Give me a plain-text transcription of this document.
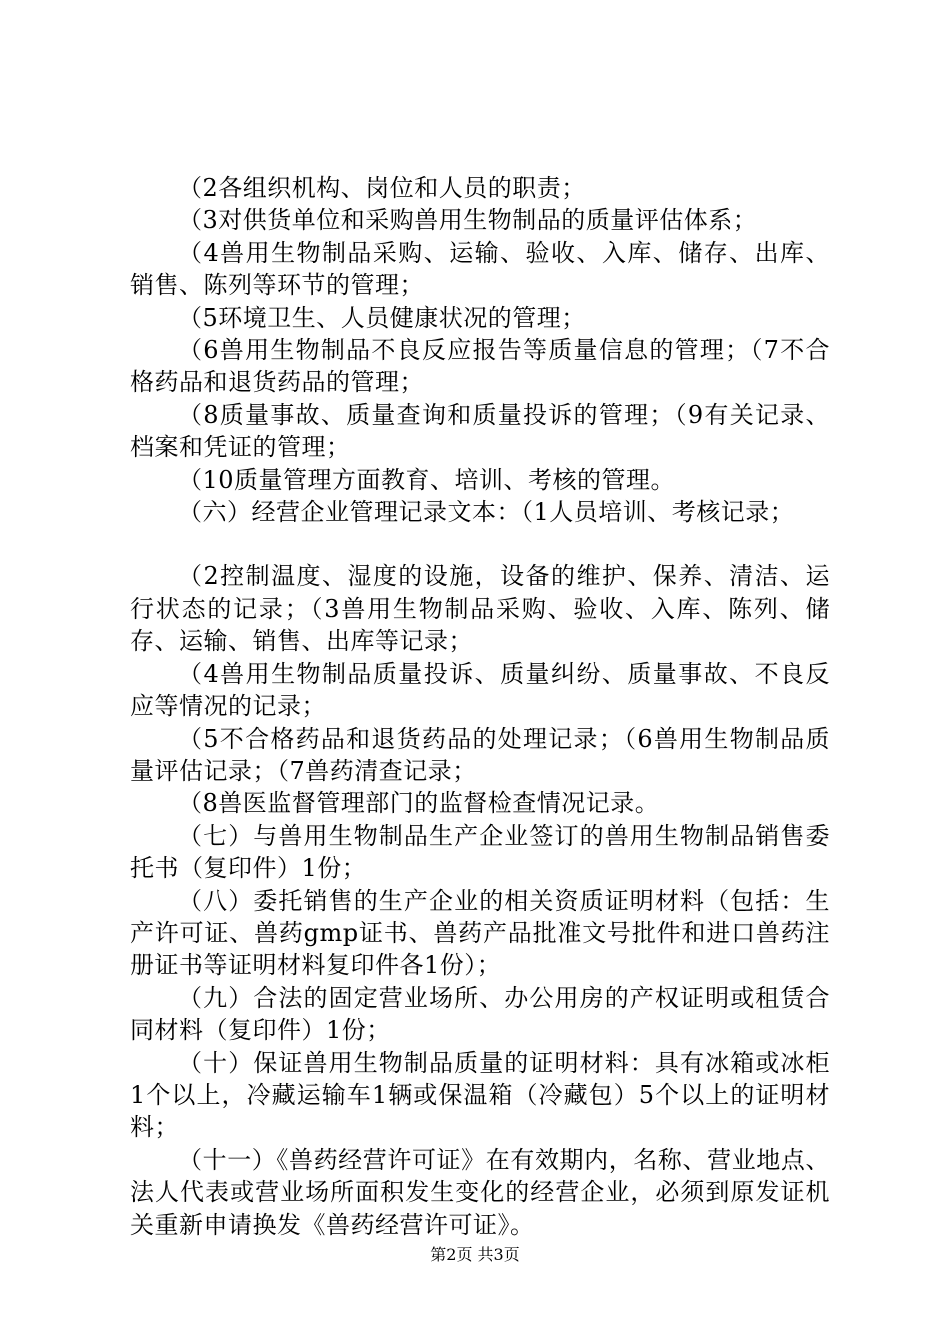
（2各组织机构、岗位和人员的职责；

（3对供货单位和采购兽用生物制品的质量评估体系；

（4兽用生物制品采购、运输、验收、入库、储存、出库、销售、陈列等环节的管理；

（5环境卫生、人员健康状况的管理；

（6兽用生物制品不良反应报告等质量信息的管理；（7不合格药品和退货药品的管理；

（8质量事故、质量查询和质量投诉的管理；（9有关记录、档案和凭证的管理；

（10质量管理方面教育、培训、考核的管理。

（六）经营企业管理记录文本：（1人员培训、考核记录；

（2控制温度、湿度的设施，设备的维护、保养、清洁、运行状态的记录；（3兽用生物制品采购、验收、入库、陈列、储存、运输、销售、出库等记录；

（4兽用生物制品质量投诉、质量纠纷、质量事故、不良反应等情况的记录；

（5不合格药品和退货药品的处理记录；（6兽用生物制品质量评估记录；（7兽药清查记录；

（8兽医监督管理部门的监督检查情况记录。

（七）与兽用生物制品生产企业签订的兽用生物制品销售委托书（复印件）1份；

（八）委托销售的生产企业的相关资质证明材料（包括：生产许可证、兽药gmp证书、兽药产品批准文号批件和进口兽药注册证书等证明材料复印件各1份）；

（九）合法的固定营业场所、办公用房的产权证明或租赁合同材料（复印件）1份；

（十）保证兽用生物制品质量的证明材料：具有冰箱或冰柜1个以上，冷藏运输车1辆或保温箱（冷藏包）5个以上的证明材料；

（十一）《兽药经营许可证》在有效期内，名称、营业地点、法人代表或营业场所面积发生变化的经营企业，必须到原发证机关重新申请换发《兽药经营许可证》。

第2页 共3页
